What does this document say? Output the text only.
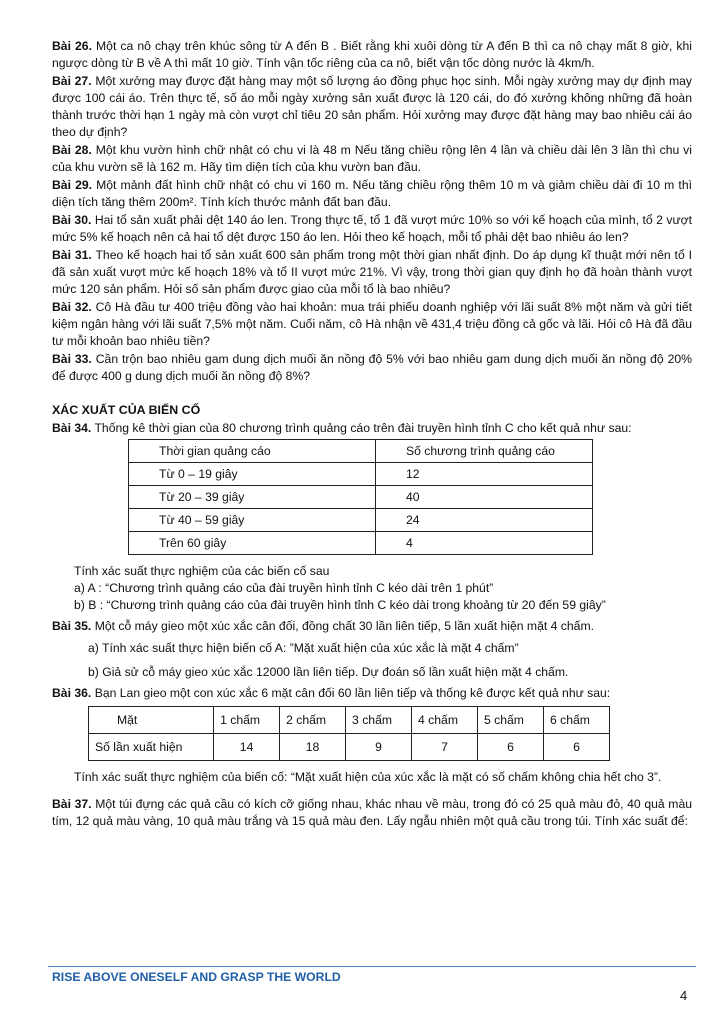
Bài 26. Một ca nô chạy trên khúc sông từ A đến B . Biết rằng khi xuôi dòng từ A đến B thì ca nô chạy mất 8 giờ, khi ngược dòng từ B về A thì mất 10 giờ. Tính vận tốc riêng của ca nô, biết vận tốc dòng nước là 4km/h.

Bài 27. Một xưởng may được đặt hàng may một số lượng áo đồng phục học sinh. Mỗi ngày xưởng may dự định may được 100 cái áo. Trên thực tế, số áo mỗi ngày xưởng sản xuất được là 120 cái, do đó xưởng không những đã hoàn thành trước thời hạn 1 ngày mà còn vượt chỉ tiêu 20 sản phẩm. Hỏi xưởng may được đặt hàng may bao nhiêu cái áo theo dự định?

Bài 28. Một khu vườn hình chữ nhật có chu vi là 48 m Nếu tăng chiều rộng lên 4 lần và chiều dài lên 3 lần thì chu vi của khu vườn sẽ là 162 m. Hãy tìm diện tích của khu vườn ban đầu.

Bài 29. Một mảnh đất hình chữ nhật có chu vi 160 m. Nếu tăng chiều rộng thêm 10 m và giảm chiều dài đi 10 m thì diện tích tăng thêm 200m². Tính kích thước mảnh đất ban đầu.

Bài 30. Hai tổ sản xuất phải dệt 140 áo len. Trong thực tế, tổ 1 đã vượt mức 10% so với kế hoạch của mình, tổ 2 vượt mức 5% kế hoạch nên cả hai tổ dệt được 150 áo len. Hỏi theo kế hoạch, mỗi tổ phải dệt bao nhiêu áo len?

Bài 31. Theo kế hoạch hai tổ sản xuất 600 sản phẩm trong một thời gian nhất định. Do áp dụng kĩ thuật mới nên tổ I đã sản xuất vượt mức kế hoạch 18% và tổ II vượt mức 21%. Vì vậy, trong thời gian quy định họ đã hoàn thành vượt mức 120 sản phẩm. Hỏi số sản phẩm được giao của mỗi tổ là bao nhiêu?

Bài 32. Cô Hà đầu tư 400 triệu đồng vào hai khoản: mua trái phiếu doanh nghiệp với lãi suất 8% một năm và gửi tiết kiệm ngân hàng với lãi suất 7,5% một năm. Cuối năm, cô Hà nhận về 431,4 triệu đồng cả gốc và lãi. Hỏi cô Hà đã đầu tư mỗi khoản bao nhiêu tiền?

Bài 33. Cần trộn bao nhiêu gam dung dịch muối ăn nồng độ 5% với bao nhiêu gam dung dịch muối ăn nồng độ 20% để được 400 g dung dịch muối ăn nồng độ 8%?

XÁC XUẤT CỦA BIẾN CỐ

Bài 34. Thống kê thời gian của 80 chương trình quảng cáo trên đài truyền hình tỉnh C cho kết quả như sau:

Thời gian quảng cáo	Số chương trình quảng cáo
Từ 0 – 19 giây	12
Từ 20 – 39 giây	40
Từ 40 – 59 giây	24
Trên 60 giây	4
Tính xác suất thực nghiệm của các biến cố sau
a) A : “Chương trình quảng cáo của đài truyền hình tỉnh C kéo dài trên 1 phút”
b) B : “Chương trình quảng cáo của đài truyền hình tỉnh C kéo dài trong khoảng từ 20 đến 59 giây”

Bài 35. Một cỗ máy gieo một xúc xắc cân đối, đồng chất 30 lần liên tiếp, 5 lần xuất hiện mặt 4 chấm.

a) Tính xác suất thực hiện biến cố A: ”Mặt xuất hiện của xúc xắc là mặt 4 chấm”
b) Giả sử cỗ máy gieo xúc xắc 12000 lần liên tiếp. Dự đoán số lần xuất hiện mặt 4 chấm.

Bài 36. Bạn Lan gieo một con xúc xắc 6 mặt cân đối 60 lần liên tiếp và thống kê được kết quả như sau:

Mặt	1 chấm	2 chấm	3 chấm	4 chấm	5 chấm	6 chấm
Số lần xuất hiện	14	18	9	7	6	6
Tính xác suất thực nghiệm của biến cố: “Mặt xuất hiện của xúc xắc là mặt có số chấm không chia hết cho 3”.

Bài 37. Một túi đựng các quả cầu có kích cỡ giống nhau, khác nhau về màu, trong đó có 25 quả màu đỏ, 40 quả màu tím, 12 quả màu vàng, 10 quả màu trắng và 15 quả màu đen. Lấy ngẫu nhiên một quả cầu trong túi. Tính xác suất để:

RISE ABOVE ONESELF AND GRASP THE WORLD
4
